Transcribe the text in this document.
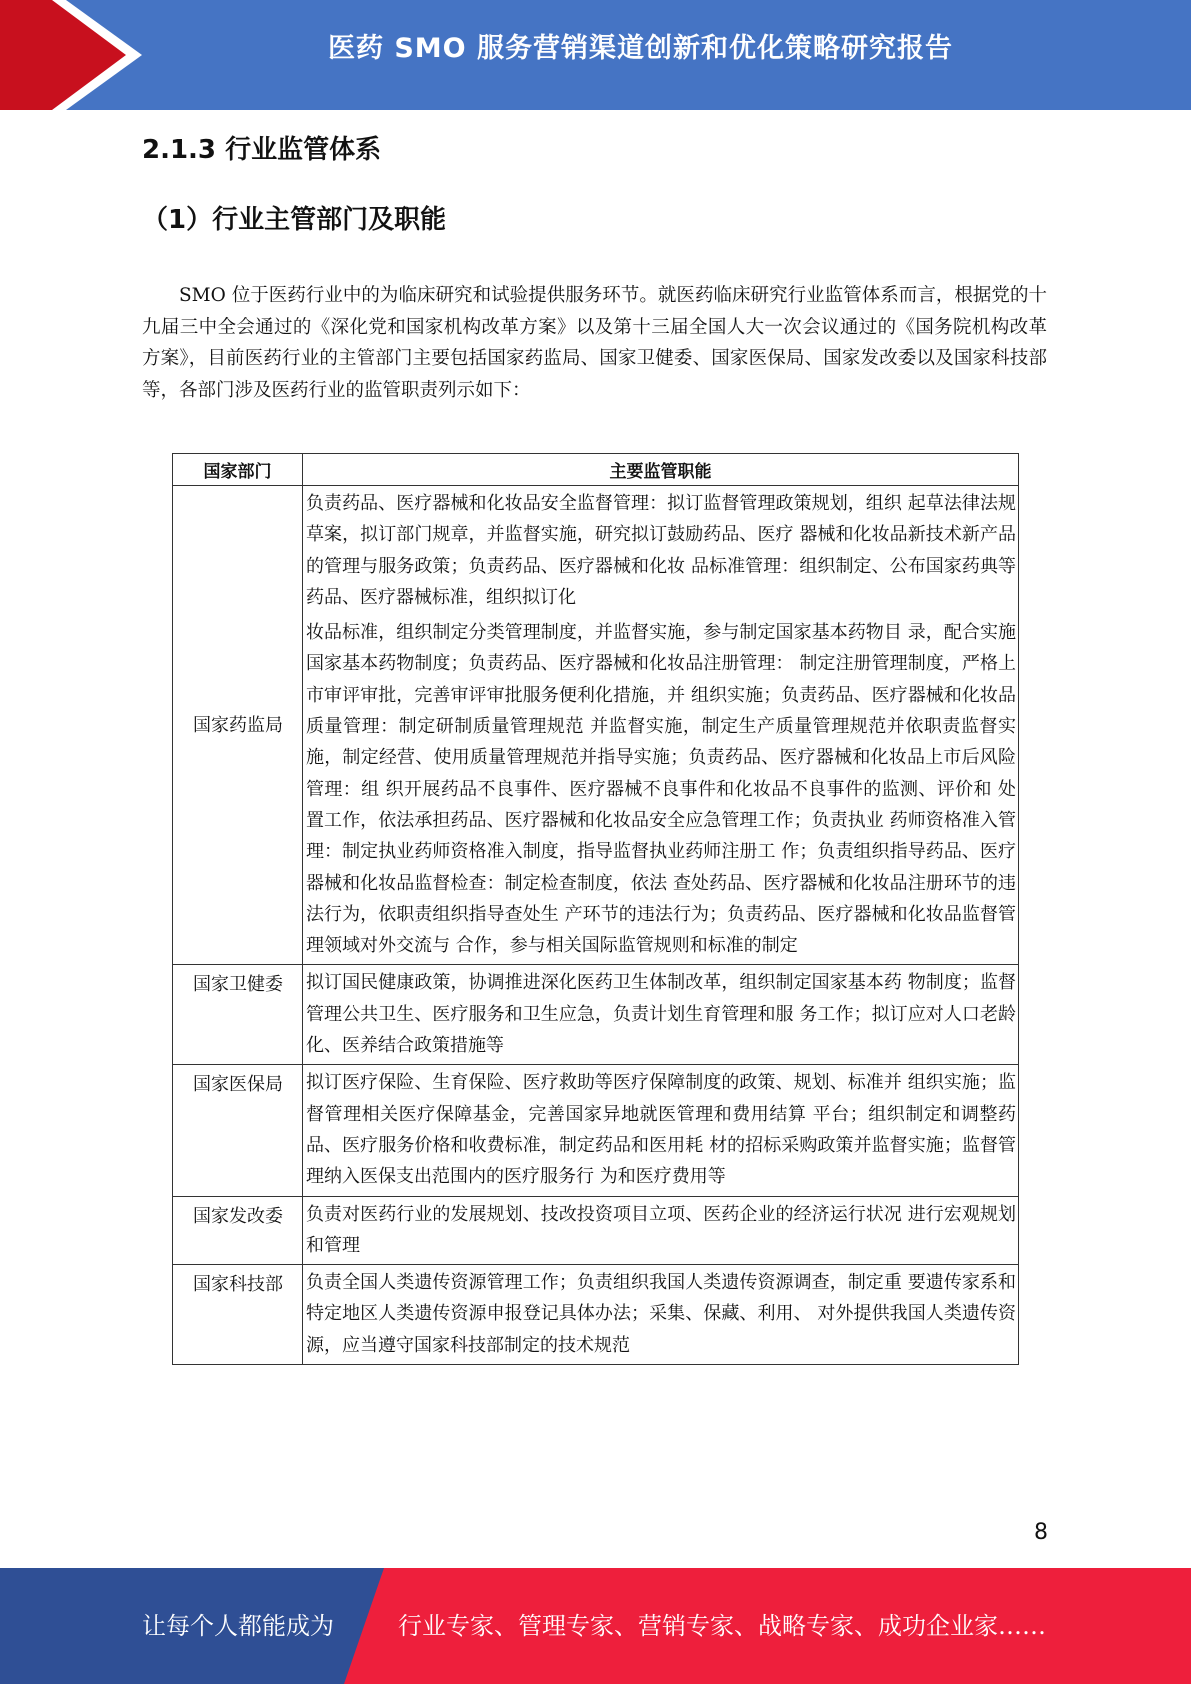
医药 SMO 服务营销渠道创新和优化策略研究报告
2.1.3 行业监管体系
（1）行业主管部门及职能

SMO 位于医药行业中的为临床研究和试验提供服务环节。就医药临床研究行业监管体系而言，根据党的十九届三中全会通过的《深化党和国家机构改革方案》以及第十三届全国人大一次会议通过的《国务院机构改革方案》，目前医药行业的主管部门主要包括国家药监局、国家卫健委、国家医保局、国家发改委以及国家科技部等，各部门涉及医药行业的监管职责列示如下：

国家部门	主要监管职能
国家药监局	负责药品、医疗器械和化妆品安全监督管理：拟订监督管理政策规划，组织 起草法律法规草案，拟订部门规章，并监督实施，研究拟订鼓励药品、医疗 器械和化妆品新技术新产品的管理与服务政策；负责药品、医疗器械和化妆 品标准管理：组织制定、公布国家药典等药品、医疗器械标准，组织拟订化

妆品标准，组织制定分类管理制度，并监督实施，参与制定国家基本药物目 录，配合实施国家基本药物制度；负责药品、医疗器械和化妆品注册管理： 制定注册管理制度，严格上市审评审批，完善审评审批服务便利化措施，并 组织实施；负责药品、医疗器械和化妆品质量管理：制定研制质量管理规范 并监督实施，制定生产质量管理规范并依职责监督实施，制定经营、使用质量管理规范并指导实施；负责药品、医疗器械和化妆品上市后风险管理：组 织开展药品不良事件、医疗器械不良事件和化妆品不良事件的监测、评价和 处置工作，依法承担药品、医疗器械和化妆品安全应急管理工作；负责执业 药师资格准入管理：制定执业药师资格准入制度，指导监督执业药师注册工 作；负责组织指导药品、医疗器械和化妆品监督检查：制定检查制度，依法 查处药品、医疗器械和化妆品注册环节的违法行为，依职责组织指导查处生 产环节的违法行为；负责药品、医疗器械和化妆品监督管理领域对外交流与 合作，参与相关国际监管规则和标准的制定

国家卫健委	拟订国民健康政策，协调推进深化医药卫生体制改革，组织制定国家基本药 物制度；监督管理公共卫生、医疗服务和卫生应急，负责计划生育管理和服 务工作；拟订应对人口老龄化、医养结合政策措施等

国家医保局	拟订医疗保险、生育保险、医疗救助等医疗保障制度的政策、规划、标准并 组织实施；监督管理相关医疗保障基金，完善国家异地就医管理和费用结算 平台；组织制定和调整药品、医疗服务价格和收费标准，制定药品和医用耗 材的招标采购政策并监督实施；监督管理纳入医保支出范围内的医疗服务行 为和医疗费用等

国家发改委	负责对医药行业的发展规划、技改投资项目立项、医药企业的经济运行状况 进行宏观规划和管理

国家科技部	负责全国人类遗传资源管理工作；负责组织我国人类遗传资源调查，制定重 要遗传家系和特定地区人类遗传资源申报登记具体办法；采集、保藏、利用、 对外提供我国人类遗传资源，应当遵守国家科技部制定的技术规范

8
让每个人都能成为	行业专家、管理专家、营销专家、战略专家、成功企业家……
